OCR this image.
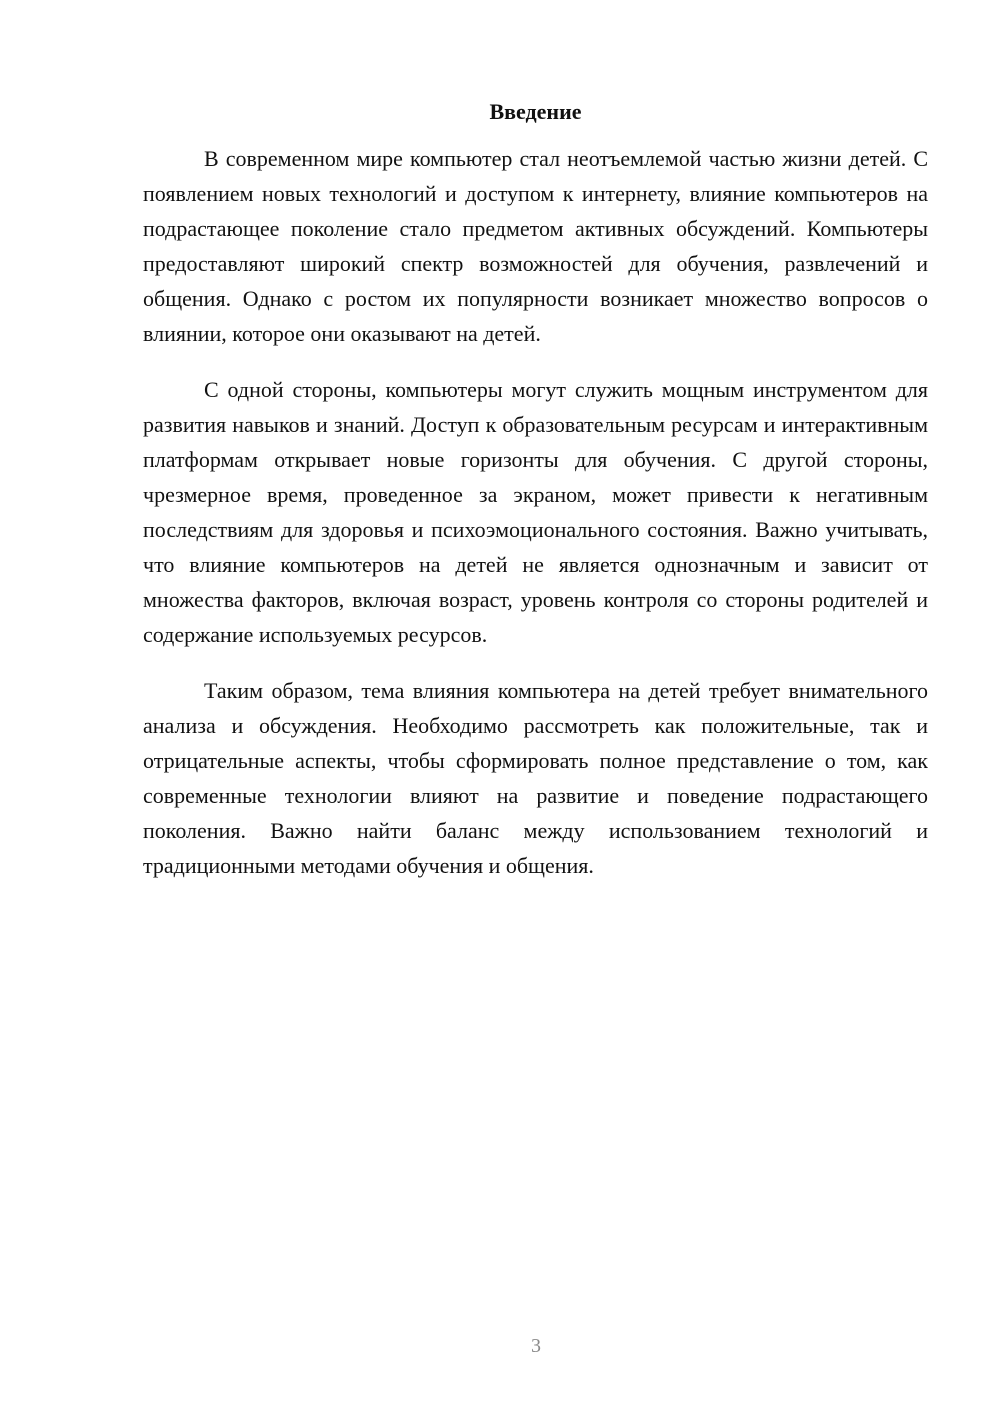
Введение

В современном мире компьютер стал неотъемлемой частью жизни детей. С появлением новых технологий и доступом к интернету, влияние компьютеров на подрастающее поколение стало предметом активных обсуждений. Компьютеры предоставляют широкий спектр возможностей для обучения, развлечений и общения. Однако с ростом их популярности возникает множество вопросов о влиянии, которое они оказывают на детей.

С одной стороны, компьютеры могут служить мощным инструментом для развития навыков и знаний. Доступ к образовательным ресурсам и интерактивным платформам открывает новые горизонты для обучения. С другой стороны, чрезмерное время, проведенное за экраном, может привести к негативным последствиям для здоровья и психоэмоционального состояния. Важно учитывать, что влияние компьютеров на детей не является однозначным и зависит от множества факторов, включая возраст, уровень контроля со стороны родителей и содержание используемых ресурсов.

Таким образом, тема влияния компьютера на детей требует внимательного анализа и обсуждения. Необходимо рассмотреть как положительные, так и отрицательные аспекты, чтобы сформировать полное представление о том, как современные технологии влияют на развитие и поведение подрастающего поколения. Важно найти баланс между использованием технологий и традиционными методами обучения и общения.

3
